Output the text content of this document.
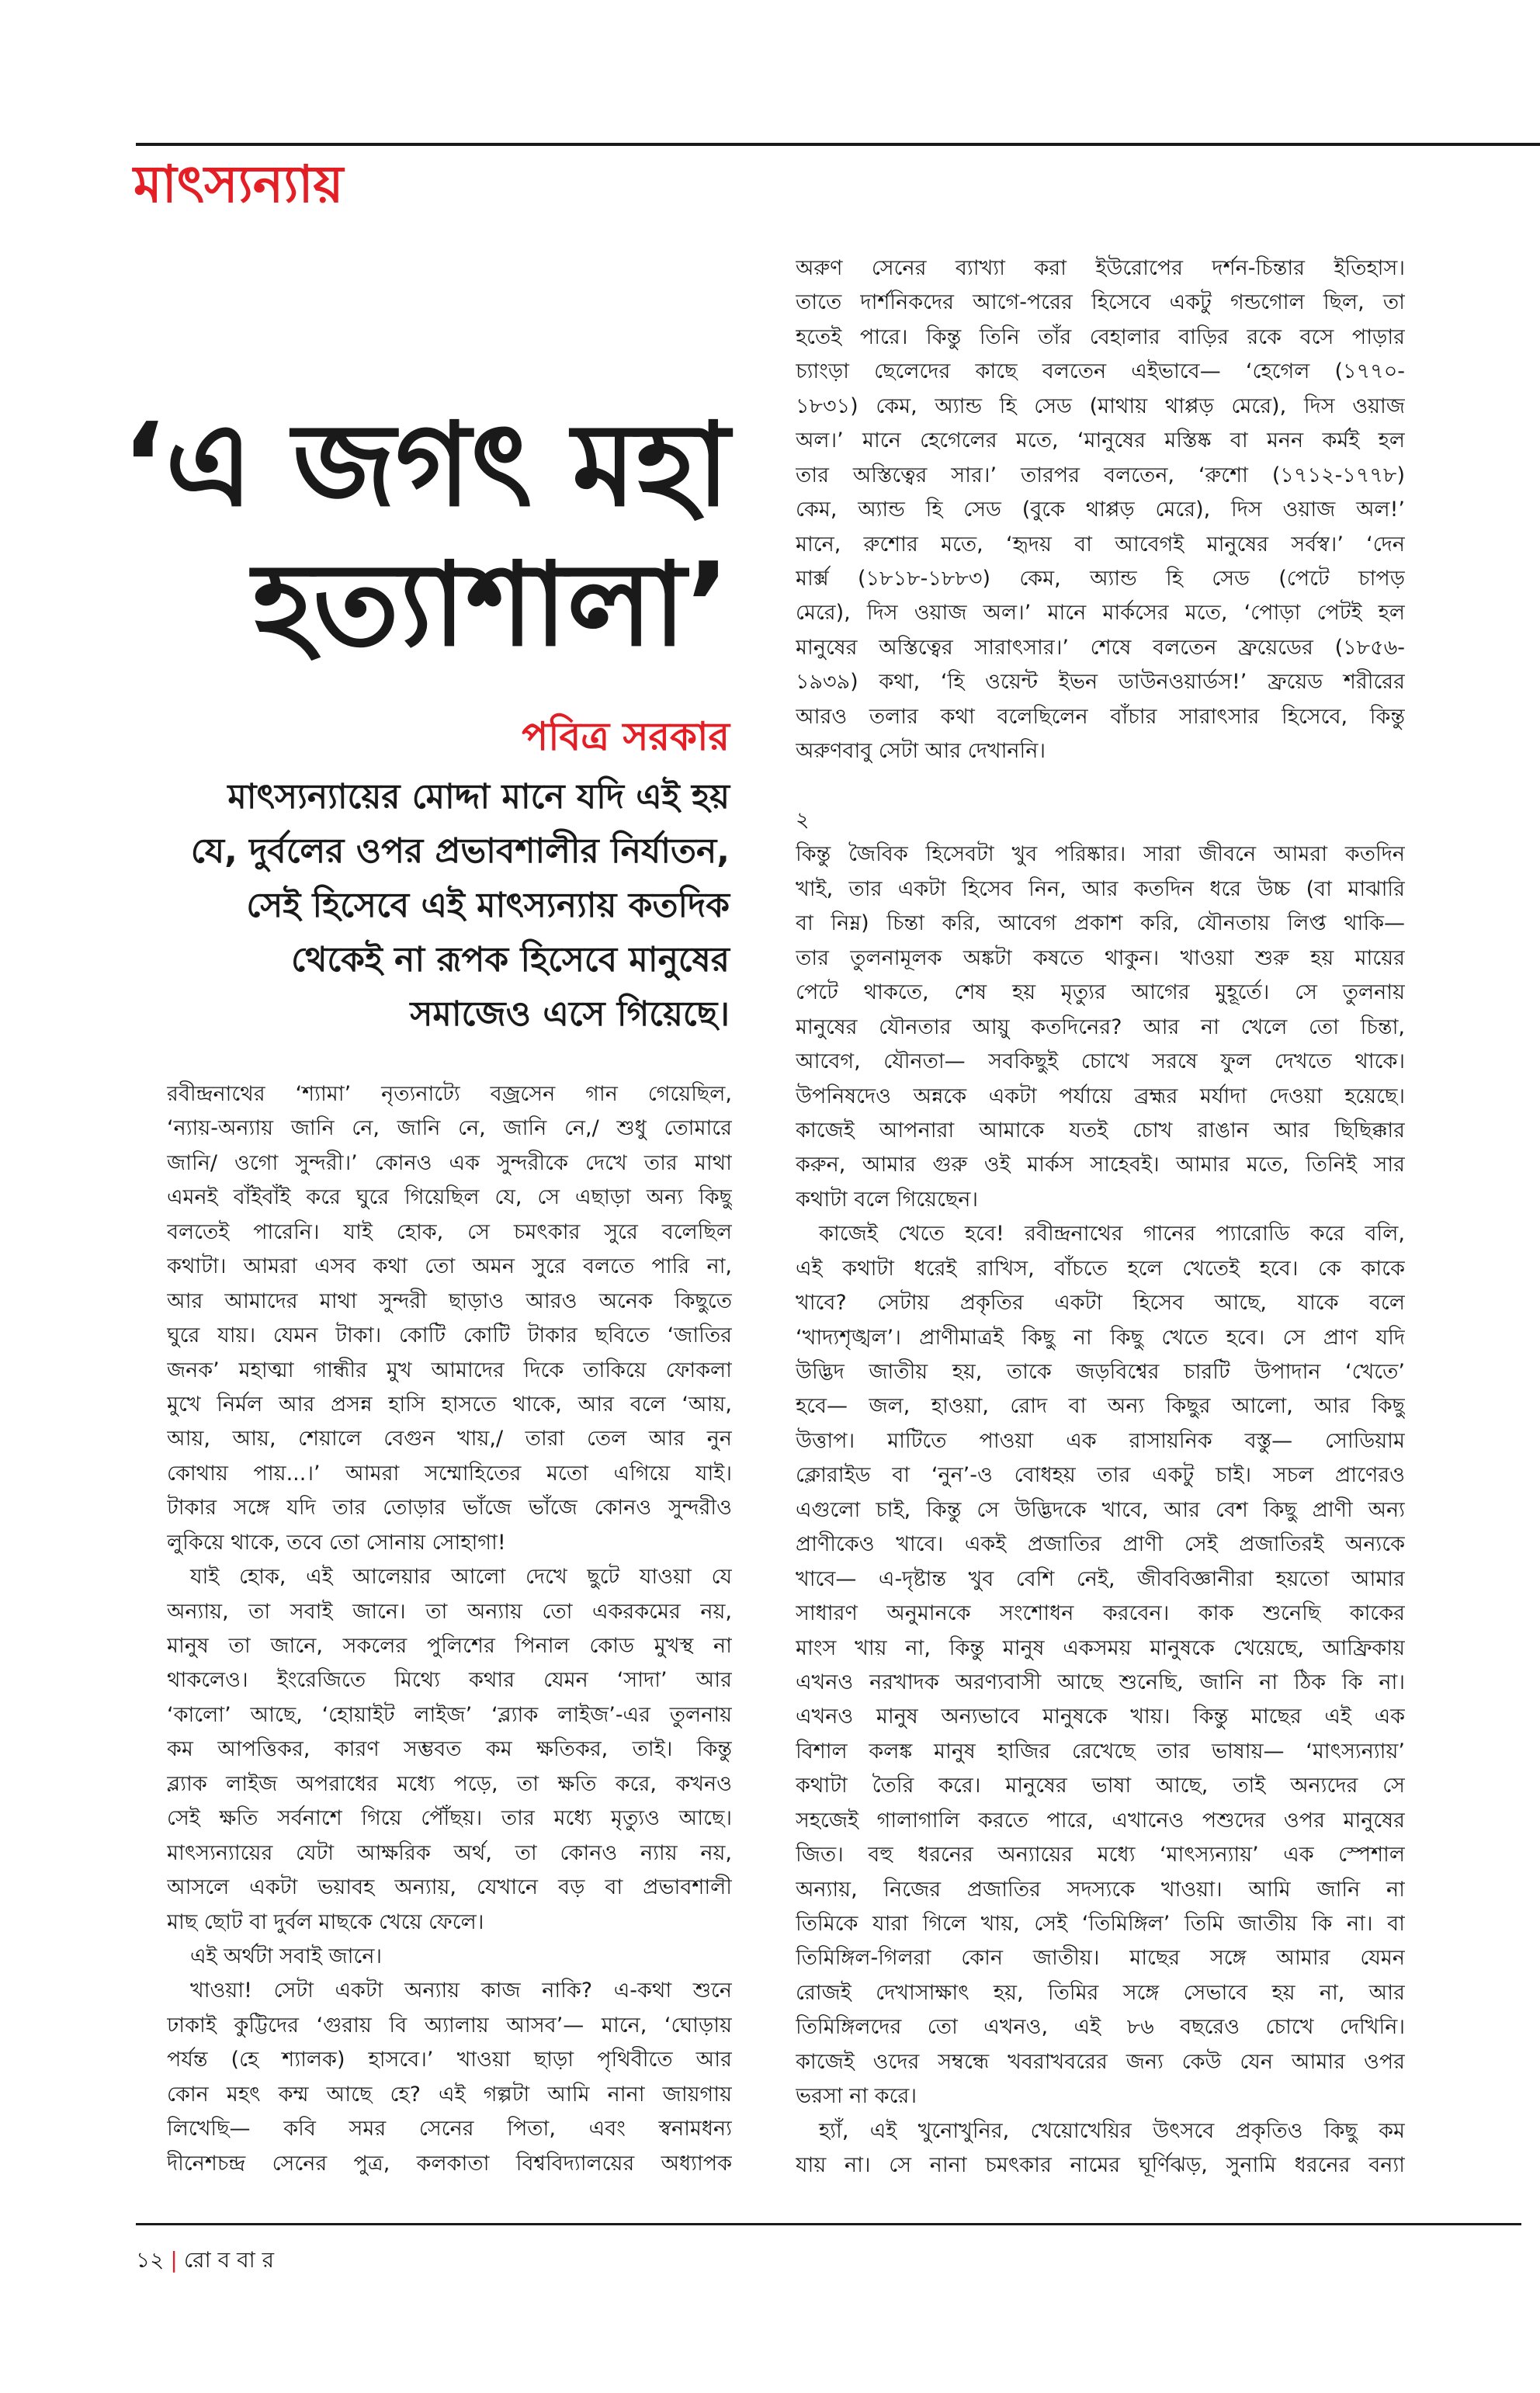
মাৎস্যন্যায়
‘এ জগৎ মহা
হত্যাশালা’
পবিত্র সরকার
মাৎস্যন্যায়ের মোদ্দা মানে যদি এই হয়
যে, দুর্বলের ওপর প্রভাবশালীর নির্যাতন,
সেই হিসেবে এই মাৎস্যন্যায় কতদিক
থেকেই না রূপক হিসেবে মানুষের
সমাজেও এসে গিয়েছে।
রবীন্দ্রনাথের ‘শ্যামা’ নৃত্যনাট্যে বজ্রসেন গান গেয়েছিল,
‘ন্যায়-অন্যায় জানি নে, জানি নে, জানি নে,/ শুধু তোমারে
জানি/ ওগো সুন্দরী।’ কোনও এক সুন্দরীকে দেখে তার মাথা
এমনই বাঁইবাঁই করে ঘুরে গিয়েছিল যে, সে এছাড়া অন্য কিছু
বলতেই পারেনি। যাই হোক, সে চমৎকার সুরে বলেছিল
কথাটা। আমরা এসব কথা তো অমন সুরে বলতে পারি না,
আর আমাদের মাথা সুন্দরী ছাড়াও আরও অনেক কিছুতে
ঘুরে যায়। যেমন টাকা। কোটি কোটি টাকার ছবিতে ‘জাতির
জনক’ মহাত্মা গান্ধীর মুখ আমাদের দিকে তাকিয়ে ফোকলা
মুখে নির্মল আর প্রসন্ন হাসি হাসতে থাকে, আর বলে ‘আয়,
আয়, আয়, শেয়ালে বেগুন খায়,/ তারা তেল আর নুন
কোথায় পায়...।’ আমরা সম্মোহিতের মতো এগিয়ে যাই।
টাকার সঙ্গে যদি তার তোড়ার ভাঁজে ভাঁজে কোনও সুন্দরীও
লুকিয়ে থাকে, তবে তো সোনায় সোহাগা!
যাই হোক, এই আলেয়ার আলো দেখে ছুটে যাওয়া যে
অন্যায়, তা সবাই জানে। তা অন্যায় তো একরকমের নয়,
মানুষ তা জানে, সকলের পুলিশের পিনাল কোড মুখস্থ না
থাকলেও। ইংরেজিতে মিথ্যে কথার যেমন ‘সাদা’ আর
‘কালো’ আছে, ‘হোয়াইট লাইজ’ ‘ব্ল্যাক লাইজ’-এর তুলনায়
কম আপত্তিকর, কারণ সম্ভবত কম ক্ষতিকর, তাই। কিন্তু
ব্ল্যাক লাইজ অপরাধের মধ্যে পড়ে, তা ক্ষতি করে, কখনও
সেই ক্ষতি সর্বনাশে গিয়ে পৌঁছয়। তার মধ্যে মৃত্যুও আছে।
মাৎস্যন্যায়ের যেটা আক্ষরিক অর্থ, তা কোনও ন্যায় নয়,
আসলে একটা ভয়াবহ অন্যায়, যেখানে বড় বা প্রভাবশালী
মাছ ছোট বা দুর্বল মাছকে খেয়ে ফেলে।
এই অর্থটা সবাই জানে।
খাওয়া! সেটা একটা অন্যায় কাজ নাকি? এ-কথা শুনে
ঢাকাই কুট্টিদের ‘গুরায় বি অ্যালায় আসব’— মানে, ‘ঘোড়ায়
পর্যন্ত (হে শ্যালক) হাসবে।’ খাওয়া ছাড়া পৃথিবীতে আর
কোন মহৎ কম্ম আছে হে? এই গল্পটা আমি নানা জায়গায়
লিখেছি— কবি সমর সেনের পিতা, এবং স্বনামধন্য
দীনেশচন্দ্র সেনের পুত্র, কলকাতা বিশ্ববিদ্যালয়ের অধ্যাপক
অরুণ সেনের ব্যাখ্যা করা ইউরোপের দর্শন-চিন্তার ইতিহাস।
তাতে দার্শনিকদের আগে-পরের হিসেবে একটু গন্ডগোল ছিল, তা
হতেই পারে। কিন্তু তিনি তাঁর বেহালার বাড়ির রকে বসে পাড়ার
চ্যাংড়া ছেলেদের কাছে বলতেন এইভাবে— ‘হেগেল (১৭৭০-
১৮৩১) কেম, অ্যান্ড হি সেড (মাথায় থাপ্পড় মেরে), দিস ওয়াজ
অল।’ মানে হেগেলের মতে, ‘মানুষের মস্তিষ্ক বা মনন কর্মই হল
তার অস্তিত্বের সার।’ তারপর বলতেন, ‘রুশো (১৭১২-১৭৭৮)
কেম, অ্যান্ড হি সেড (বুকে থাপ্পড় মেরে), দিস ওয়াজ অল!’
মানে, রুশোর মতে, ‘হৃদয় বা আবেগই মানুষের সর্বস্ব।’ ‘দেন
মার্ক্স (১৮১৮-১৮৮৩) কেম, অ্যান্ড হি সেড (পেটে চাপড়
মেরে), দিস ওয়াজ অল।’ মানে মার্কসের মতে, ‘পোড়া পেটই হল
মানুষের অস্তিত্বের সারাৎসার।’ শেষে বলতেন ফ্রয়েডের (১৮৫৬-
১৯৩৯) কথা, ‘হি ওয়েন্ট ইভন ডাউনওয়ার্ডস!’ ফ্রয়েড শরীরের
আরও তলার কথা বলেছিলেন বাঁচার সারাৎসার হিসেবে, কিন্তু
অরুণবাবু সেটা আর দেখাননি।
২
কিন্তু জৈবিক হিসেবটা খুব পরিষ্কার। সারা জীবনে আমরা কতদিন
খাই, তার একটা হিসেব নিন, আর কতদিন ধরে উচ্চ (বা মাঝারি
বা নিম্ন) চিন্তা করি, আবেগ প্রকাশ করি, যৌনতায় লিপ্ত থাকি—
তার তুলনামূলক অঙ্কটা কষতে থাকুন। খাওয়া শুরু হয় মায়ের
পেটে থাকতে, শেষ হয় মৃত্যুর আগের মুহূর্তে। সে তুলনায়
মানুষের যৌনতার আয়ু কতদিনের? আর না খেলে তো চিন্তা,
আবেগ, যৌনতা— সবকিছুই চোখে সরষে ফুল দেখতে থাকে।
উপনিষদেও অন্নকে একটা পর্যায়ে ব্রহ্মর মর্যাদা দেওয়া হয়েছে।
কাজেই আপনারা আমাকে যতই চোখ রাঙান আর ছিছিক্কার
করুন, আমার গুরু ওই মার্কস সাহেবই। আমার মতে, তিনিই সার
কথাটা বলে গিয়েছেন।
কাজেই খেতে হবে! রবীন্দ্রনাথের গানের প্যারোডি করে বলি,
এই কথাটা ধরেই রাখিস, বাঁচতে হলে খেতেই হবে। কে কাকে
খাবে? সেটায় প্রকৃতির একটা হিসেব আছে, যাকে বলে
‘খাদ্যশৃঙ্খল’। প্রাণীমাত্রই কিছু না কিছু খেতে হবে। সে প্রাণ যদি
উদ্ভিদ জাতীয় হয়, তাকে জড়বিশ্বের চারটি উপাদান ‘খেতে’
হবে— জল, হাওয়া, রোদ বা অন্য কিছুর আলো, আর কিছু
উত্তাপ। মাটিতে পাওয়া এক রাসায়নিক বস্তু— সোডিয়াম
ক্লোরাইড বা ‘নুন’-ও বোধহয় তার একটু চাই। সচল প্রাণেরও
এগুলো চাই, কিন্তু সে উদ্ভিদকে খাবে, আর বেশ কিছু প্রাণী অন্য
প্রাণীকেও খাবে। একই প্রজাতির প্রাণী সেই প্রজাতিরই অন্যকে
খাবে— এ-দৃষ্টান্ত খুব বেশি নেই, জীববিজ্ঞানীরা হয়তো আমার
সাধারণ অনুমানকে সংশোধন করবেন। কাক শুনেছি কাকের
মাংস খায় না, কিন্তু মানুষ একসময় মানুষকে খেয়েছে, আফ্রিকায়
এখনও নরখাদক অরণ্যবাসী আছে শুনেছি, জানি না ঠিক কি না।
এখনও মানুষ অন্যভাবে মানুষকে খায়। কিন্তু মাছের এই এক
বিশাল কলঙ্ক মানুষ হাজির রেখেছে তার ভাষায়— ‘মাৎস্যন্যায়’
কথাটা তৈরি করে। মানুষের ভাষা আছে, তাই অন্যদের সে
সহজেই গালাগালি করতে পারে, এখানেও পশুদের ওপর মানুষের
জিত। বহু ধরনের অন্যায়ের মধ্যে ‘মাৎস্যন্যায়’ এক স্পেশাল
অন্যায়, নিজের প্রজাতির সদস্যকে খাওয়া। আমি জানি না
তিমিকে যারা গিলে খায়, সেই ‘তিমিঙ্গিল’ তিমি জাতীয় কি না। বা
তিমিঙ্গিল-গিলরা কোন জাতীয়। মাছের সঙ্গে আমার যেমন
রোজই দেখাসাক্ষাৎ হয়, তিমির সঙ্গে সেভাবে হয় না, আর
তিমিঙ্গিলদের তো এখনও, এই ৮৬ বছরেও চোখে দেখিনি।
কাজেই ওদের সম্বন্ধে খবরাখবরের জন্য কেউ যেন আমার ওপর
ভরসা না করে।
হ্যাঁ, এই খুনোখুনির, খেয়োখেয়ির উৎসবে প্রকৃতিও কিছু কম
যায় না। সে নানা চমৎকার নামের ঘূর্ণিঝড়, সুনামি ধরনের বন্যা
১২ | রো ব বা র
